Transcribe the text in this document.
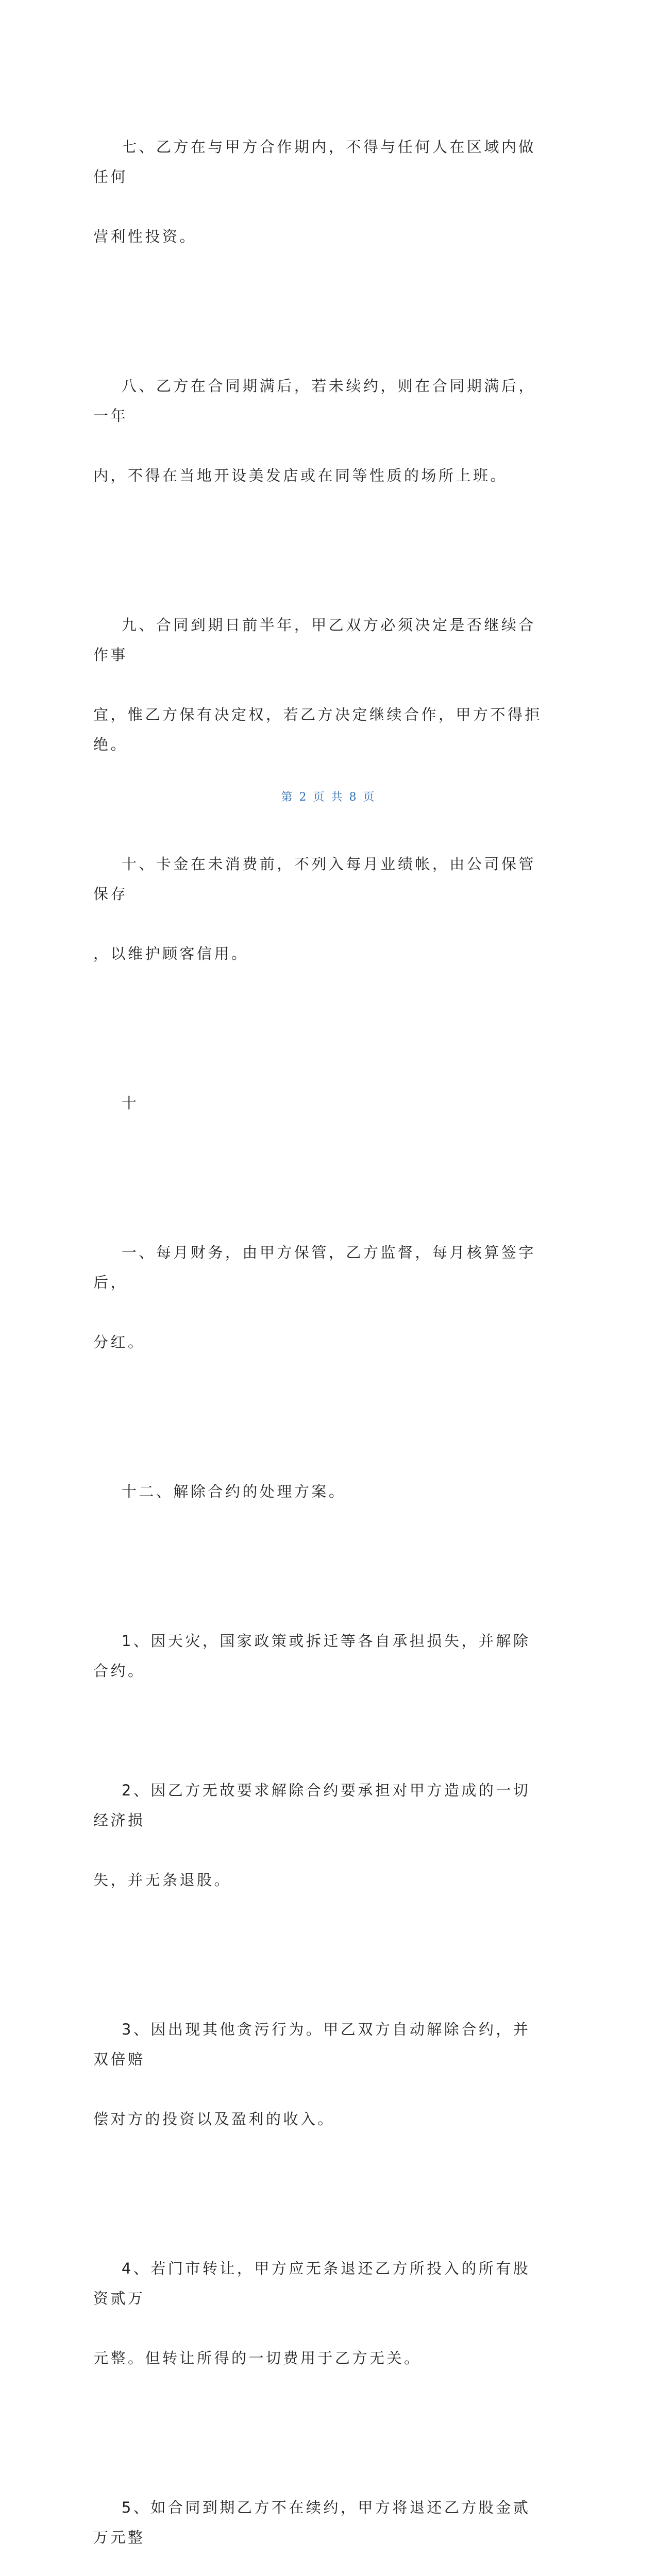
七、乙方在与甲方合作期内，不得与任何人在区域内做任何

营利性投资。

八、乙方在合同期满后，若未续约，则在合同期满后，一年

内，不得在当地开设美发店或在同等性质的场所上班。

九、合同到期日前半年，甲乙双方必须决定是否继续合作事

宜，惟乙方保有决定权，若乙方决定继续合作，甲方不得拒绝。

十、卡金在未消费前，不列入每月业绩帐，由公司保管保存

，以维护顾客信用。

十

一、每月财务，由甲方保管，乙方监督，每月核算签字后，

分红。

十二、解除合约的处理方案。

1、因天灾，国家政策或拆迁等各自承担损失，并解除合约。

2、因乙方无故要求解除合约要承担对甲方造成的一切经济损

失，并无条退股。

3、因出现其他贪污行为。甲乙双方自动解除合约，并双倍赔

偿对方的投资以及盈利的收入。

4、若门市转让，甲方应无条退还乙方所投入的所有股资贰万

元整。但转让所得的一切费用于乙方无关。

5、如合同到期乙方不在续约，甲方将退还乙方股金贰万元整

第 2 页 共 8 页
